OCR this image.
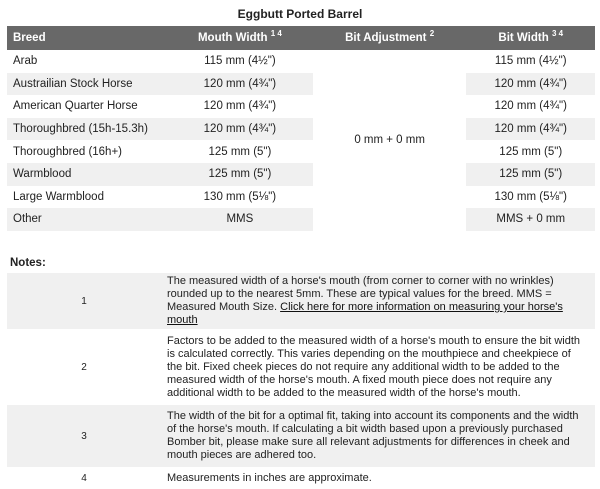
Eggbutt Ported Barrel
Breed	Mouth Width $^{1 4}$	Bit Adjustment $^2$	Bit Width $^{3 4}$
Arab	115 mm (4½")	0 mm + 0 mm	115 mm (4½")
Austrailian Stock Horse	120 mm (4¾")		120 mm (4¾")
American Quarter Horse	120 mm (4¾")		120 mm (4¾")
Thoroughbred (15h-15.3h)	120 mm (4¾")		120 mm (4¾")
Thoroughbred (16h+)	125 mm (5")		125 mm (5")
Warmblood	125 mm (5")		125 mm (5")
Large Warmblood	130 mm (5⅛")		130 mm (5⅛")
Other	MMS		MMS + 0 mm
Notes:
1	The measured width of a horse's mouth (from corner to corner with no wrinkles) rounded up to the nearest 5mm. These are typical values for the breed. MMS = Measured Mouth Size. Click here for more information on measuring your horse's mouth
2	Factors to be added to the measured width of a horse's mouth to ensure the bit width is calculated correctly. This varies depending on the mouthpiece and cheekpiece of the bit. Fixed cheek pieces do not require any additional width to be added to the measured width of the horse's mouth. A fixed mouth piece does not require any additional width to be added to the measured width of the horse's mouth.
3	The width of the bit for a optimal fit, taking into account its components and the width of the horse's mouth. If calculating a bit width based upon a previously purchased Bomber bit, please make sure all relevant adjustments for differences in cheek and mouth pieces are adhered too.
4	Measurements in inches are approximate.
